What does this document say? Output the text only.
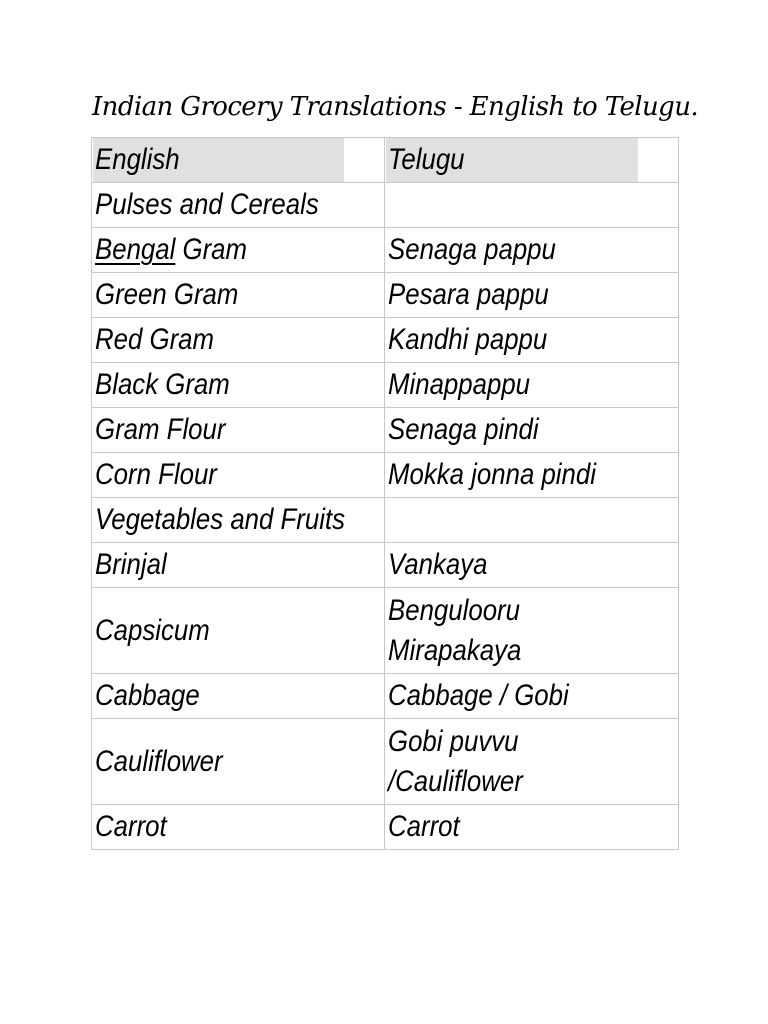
Indian Grocery Translations - English to Telugu.
English	Telugu
Pulses and Cereals	
Bengal Gram	Senaga pappu
Green Gram	Pesara pappu
Red Gram	Kandhi pappu
Black Gram	Minappappu
Gram Flour	Senaga pindi
Corn Flour	Mokka jonna pindi
Vegetables and Fruits	
Brinjal	Vankaya
Capsicum	Bengulooru
Mirapakaya
Cabbage	Cabbage / Gobi
Cauliflower	Gobi puvvu
/Cauliflower
Carrot	Carrot
